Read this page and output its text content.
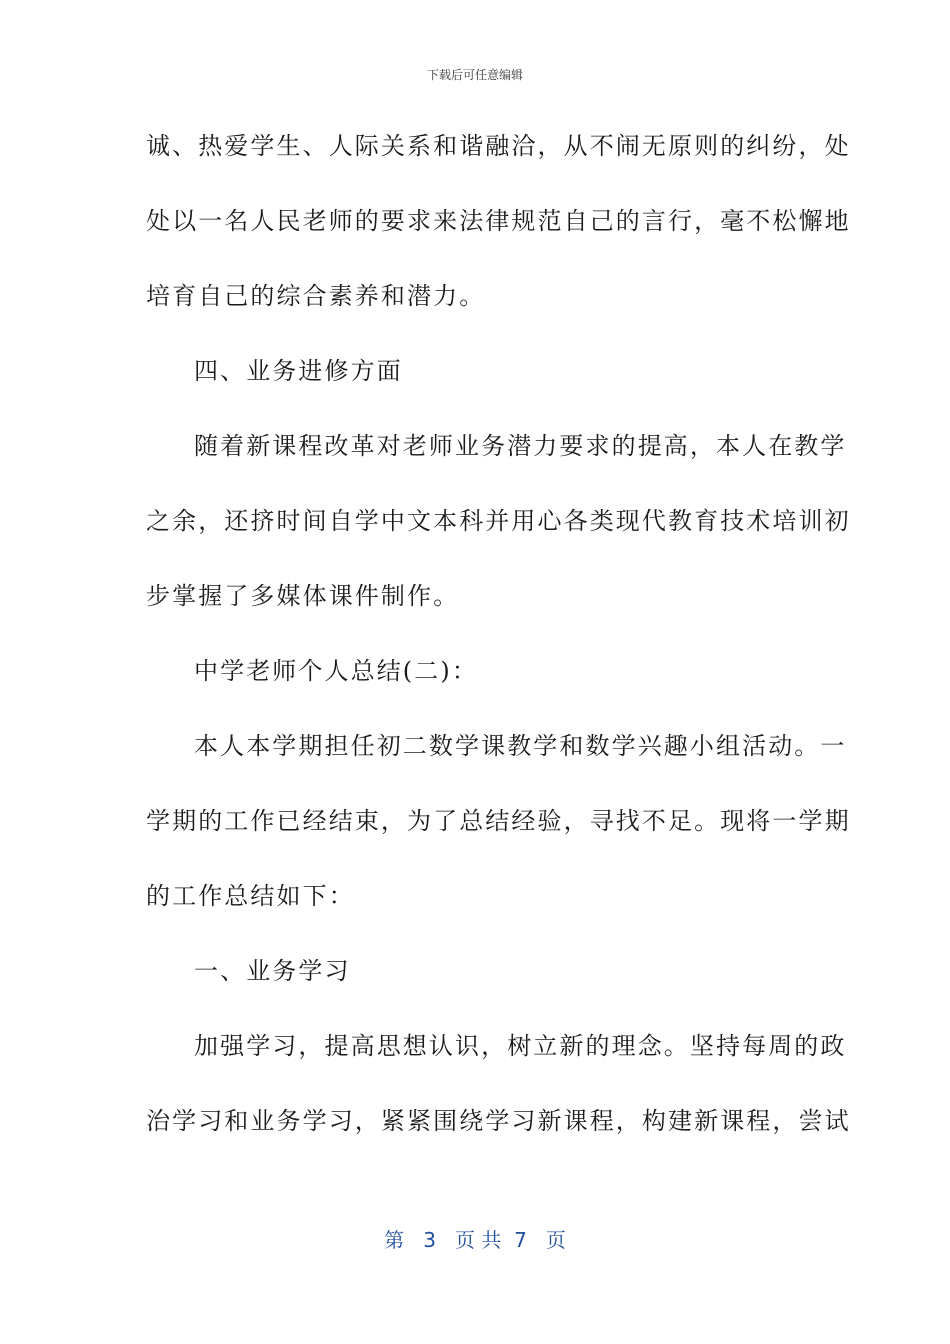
下载后可任意编辑
诚、热爱学生、人际关系和谐融洽，从不闹无原则的纠纷，处
处以一名人民老师的要求来法律规范自己的言行，毫不松懈地
培育自己的综合素养和潜力。
四、业务进修方面
随着新课程改革对老师业务潜力要求的提高，本人在教学
之余，还挤时间自学中文本科并用心各类现代教育技术培训初
步掌握了多媒体课件制作。
中学老师个人总结(二)：
本人本学期担任初二数学课教学和数学兴趣小组活动。一
学期的工作已经结束，为了总结经验，寻找不足。现将一学期
的工作总结如下：
一、业务学习
加强学习，提高思想认识，树立新的理念。坚持每周的政
治学习和业务学习，紧紧围绕学习新课程，构建新课程，尝试
第 3 页 共 7 页
